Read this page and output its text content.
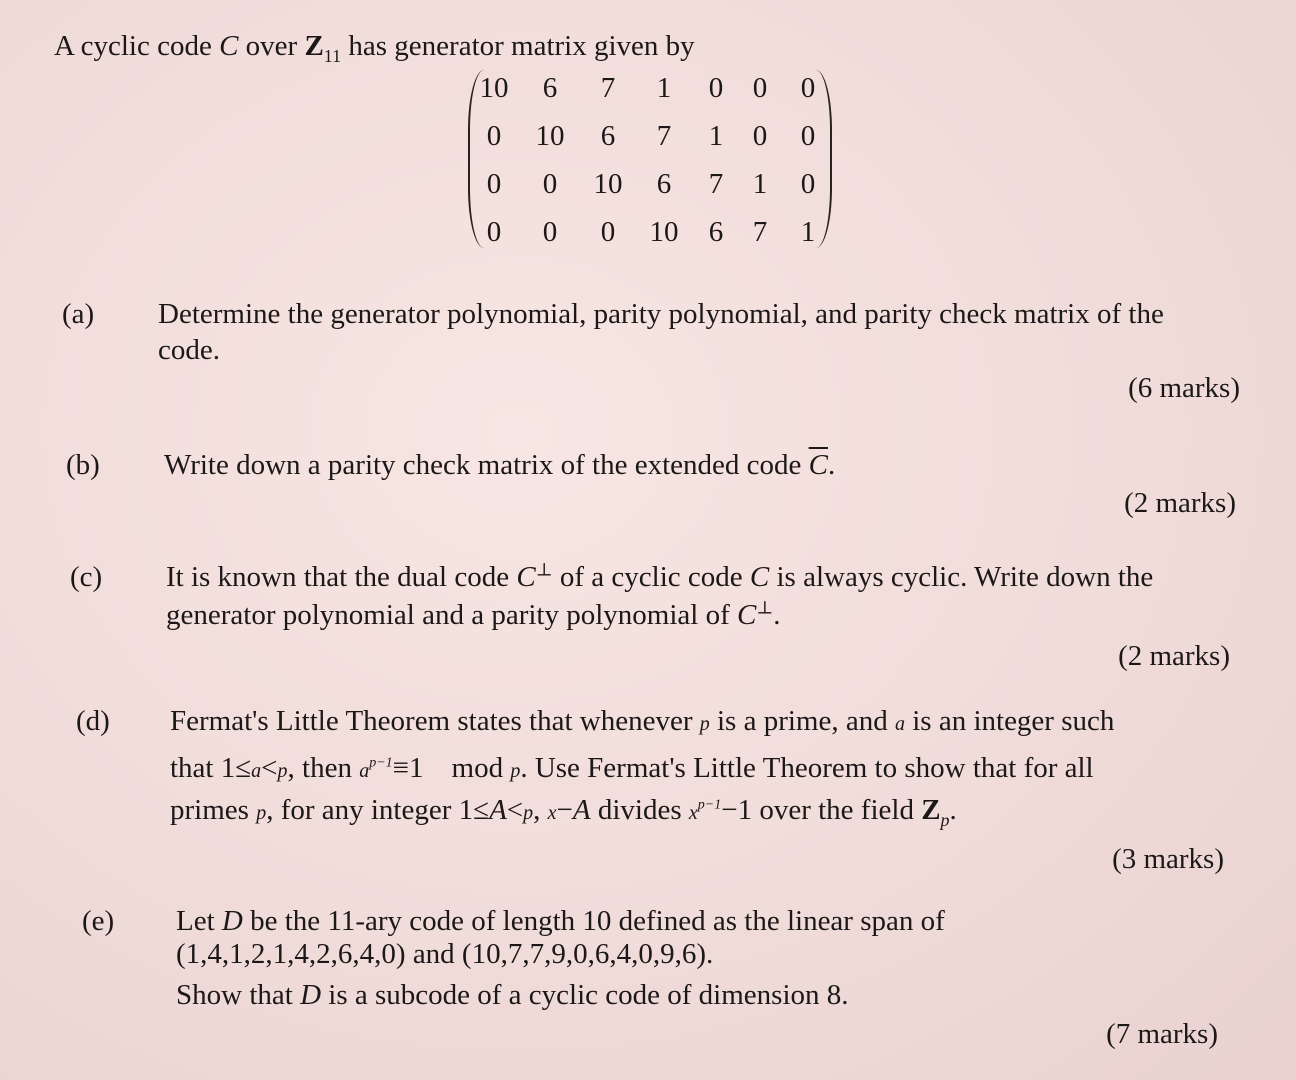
A cyclic code C over $Z_{11}$ has generator matrix given by
10 6 7 1 0 0 0
0 10 6 7 1 0 0
0 0 10 6 7 1 0
0 0 0 10 6 7 1
(a) Determine the generator polynomial, parity polynomial, and parity check matrix of the
code.
(6 marks)
(b) Write down a parity check matrix of the extended code $\overline{C}$.
(2 marks)
(c) It is known that the dual code C⊥ of a cyclic code C is always cyclic. Write down the
generator polynomial and a parity polynomial of C⊥.
(2 marks)
(d) Fermat's Little Theorem states that whenever p is a prime, and a is an integer such
that 1≤a<p, then $a^{p-1}\equiv 1$ mod p. Use Fermat's Little Theorem to show that for all
primes p, for any integer 1≤A<p, x−A divides $x^{p-1}-1$ over the field $Z_p$.
(3 marks)
(e) Let D be the 11-ary code of length 10 defined as the linear span of
(1,4,1,2,1,4,2,6,4,0) and (10,7,7,9,0,6,4,0,9,6).
Show that D is a subcode of a cyclic code of dimension 8.
(7 marks)
